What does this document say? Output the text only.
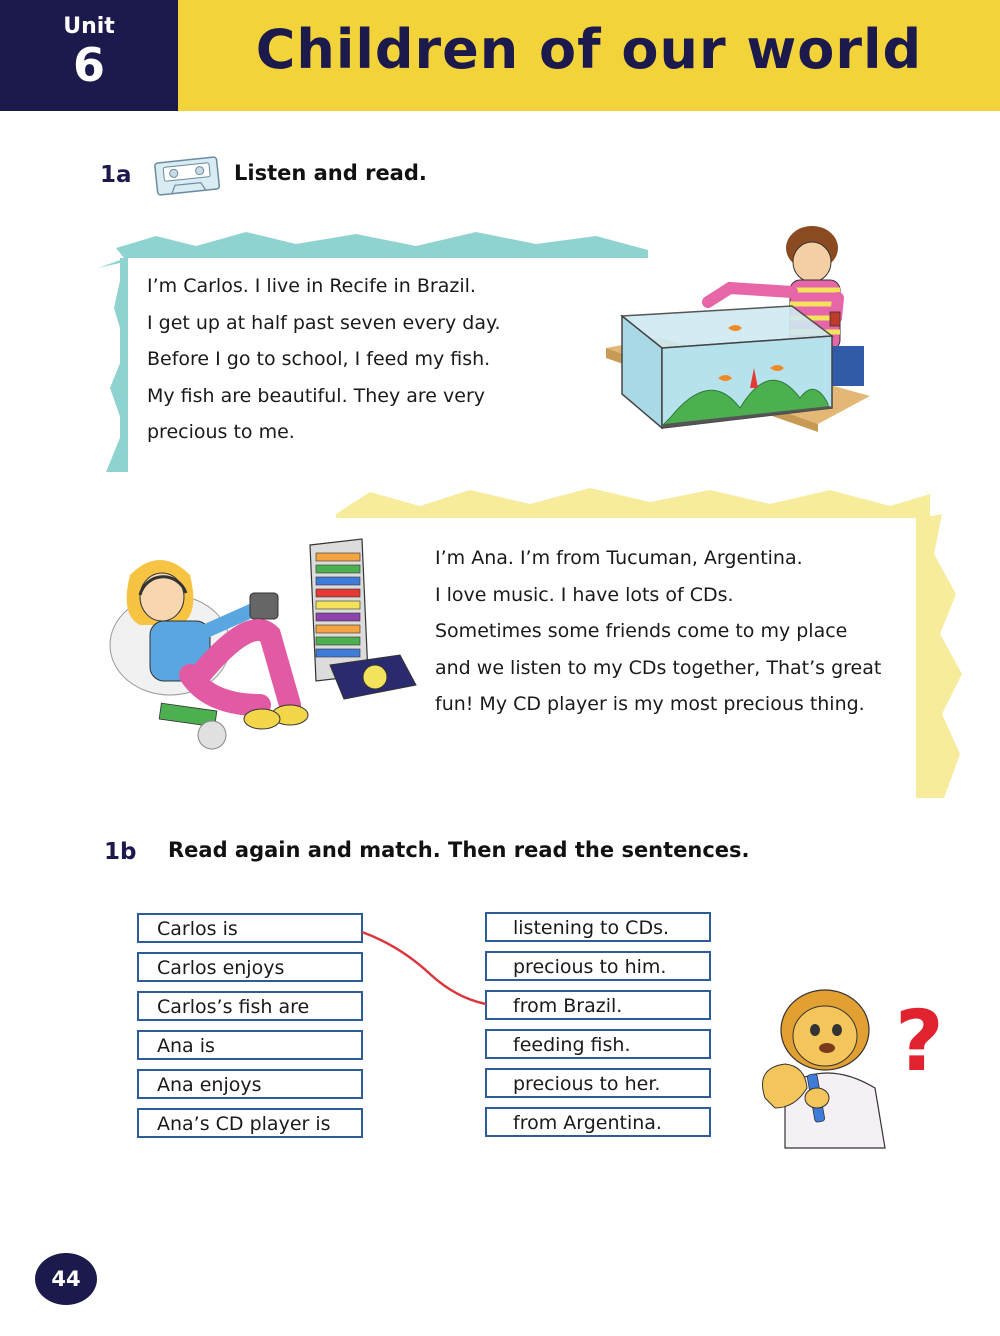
Unit
6	Children of our world
1a	Listen and read.
I’m Carlos. I live in Recife in Brazil.
I get up at half past seven every day.
Before I go to school, I feed my fish.
My fish are beautiful. They are very
precious to me.
I’m Ana. I’m from Tucuman, Argentina.
I love music. I have lots of CDs.
Sometimes some friends come to my place
and we listen to my CDs together, That’s great
fun! My CD player is my most precious thing.
1b Read again and match. Then read the sentences.
Carlos is
Carlos enjoys
Carlos’s fish are
Ana is
Ana enjoys
Ana’s CD player is
listening to CDs.
precious to him.
from Brazil.
feeding fish.
precious to her.
from Argentina.
?
44
